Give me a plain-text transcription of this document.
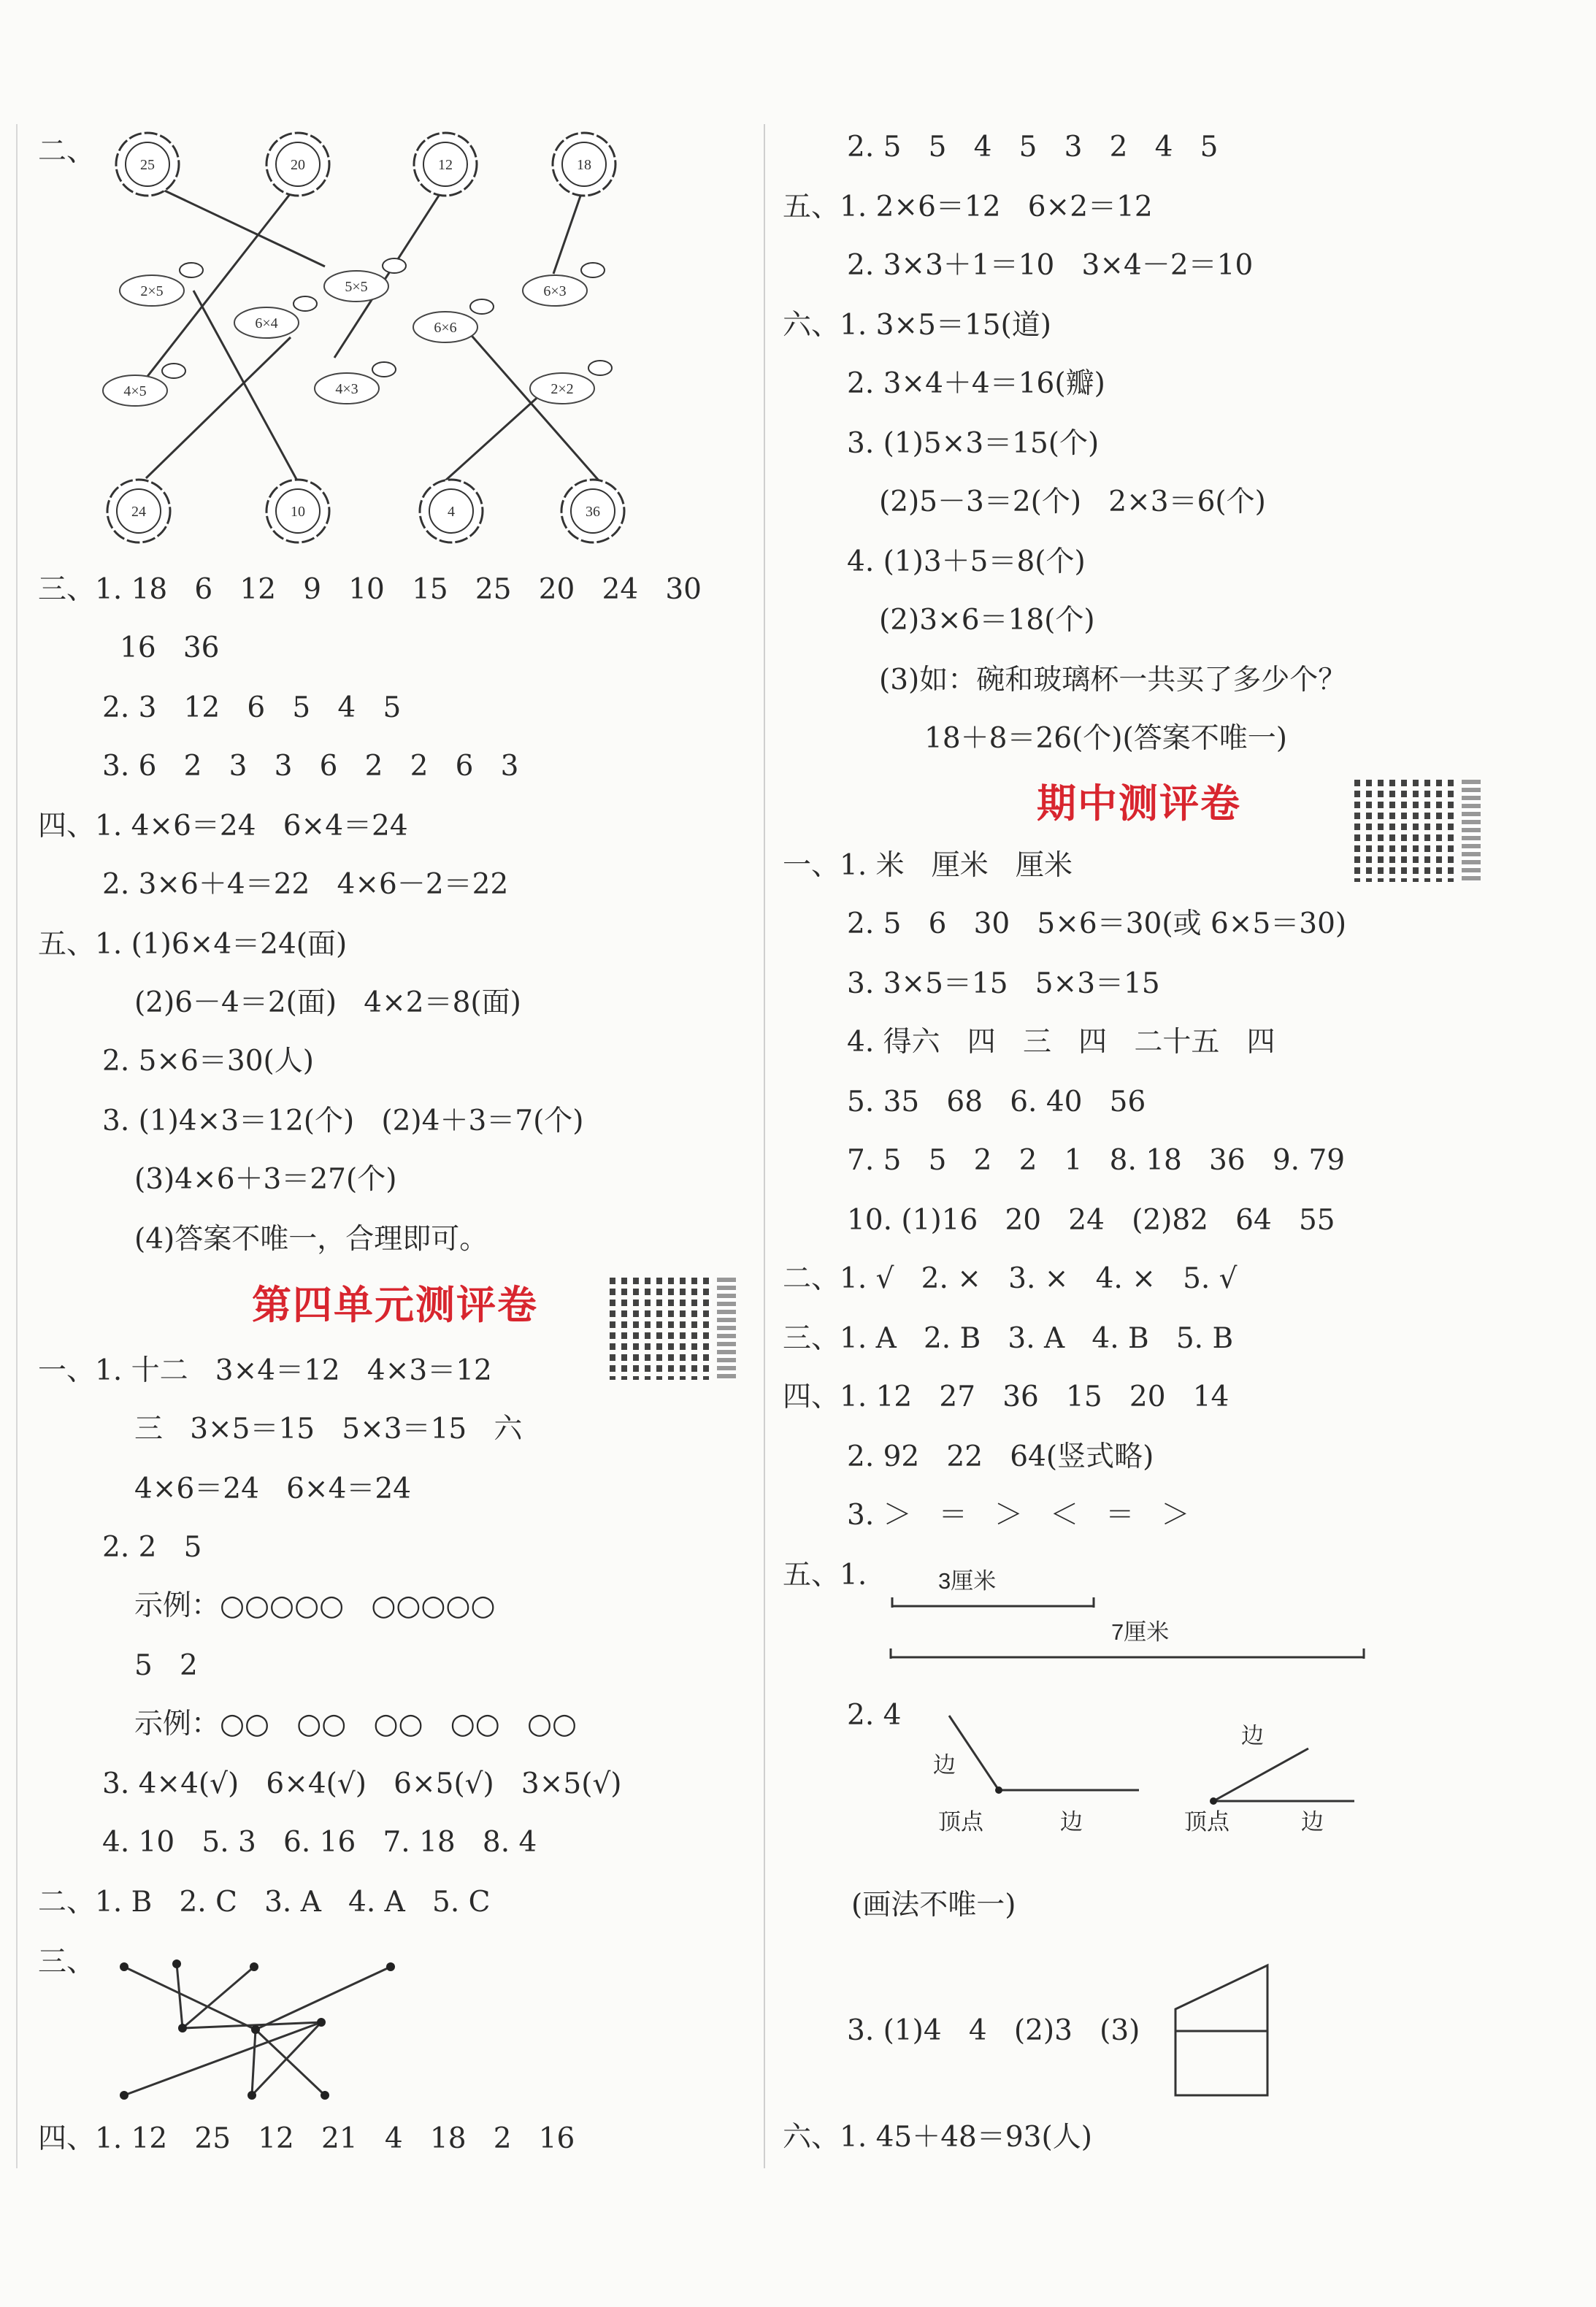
二、	25	20	12	18
24	10	4	36
2×5	5×5
6×4	6×6
6×3
4×5	4×3	2×2
三、1. 18   6   12   9   10   15   25   20   24   30
16   36
2. 3   12   6   5   4   5
3. 6   2   3   3   6   2   2   6   3
四、1. 4×6＝24   6×4＝24
2. 3×6＋4＝22   4×6－2＝22
五、1. (1)6×4＝24(面)
(2)6－4＝2(面)   4×2＝8(面)
2. 5×6＝30(人)
3. (1)4×3＝12(个)   (2)4＋3＝7(个)
(3)4×6＋3＝27(个)
(4)答案不唯一，合理即可。
第四单元测评卷
一、1. 十二   3×4＝12   4×3＝12
三   3×5＝15   5×3＝15   六
4×6＝24   6×4＝24
2. 2   5
示例：○○○○○   ○○○○○
5   2
示例：○○   ○○   ○○   ○○   ○○
3. 4×4(√)   6×4(√)   6×5(√)   3×5(√)
4. 10   5. 3   6. 16   7. 18   8. 4
二、1. B   2. C   3. A   4. A   5. C
三、
四、1. 12   25   12   21   4   18   2   16
2. 5   5   4   5   3   2   4   5
五、1. 2×6＝12   6×2＝12
2. 3×3＋1＝10   3×4－2＝10
六、1. 3×5＝15(道)
2. 3×4＋4＝16(瓣)
3. (1)5×3＝15(个)
(2)5－3＝2(个)   2×3＝6(个)
4. (1)3＋5＝8(个)
(2)3×6＝18(个)
(3)如：碗和玻璃杯一共买了多少个？
18＋8＝26(个)(答案不唯一)
期中测评卷
一、1. 米   厘米   厘米
2. 5   6   30   5×6＝30(或 6×5＝30)
3. 3×5＝15   5×3＝15
4. 得六   四   三   四   二十五   四
5. 35   68   6. 40   56
7. 5   5   2   2   1   8. 18   36   9. 79
10. (1)16   20   24   (2)82   64   55
二、1. √   2. ×   3. ×   4. ×   5. √
三、1. A   2. B   3. A   4. B   5. B
四、1. 12   27   36   15   20   14
2. 92   22   64(竖式略)
3. ＞   ＝   ＞   ＜   ＝   ＞
五、1.	3厘米
7厘米
2. 4
边
顶点	边
边
顶点	边
(画法不唯一)
3. (1)4   4   (2)3   (3)
六、1. 45＋48＝93(人)
